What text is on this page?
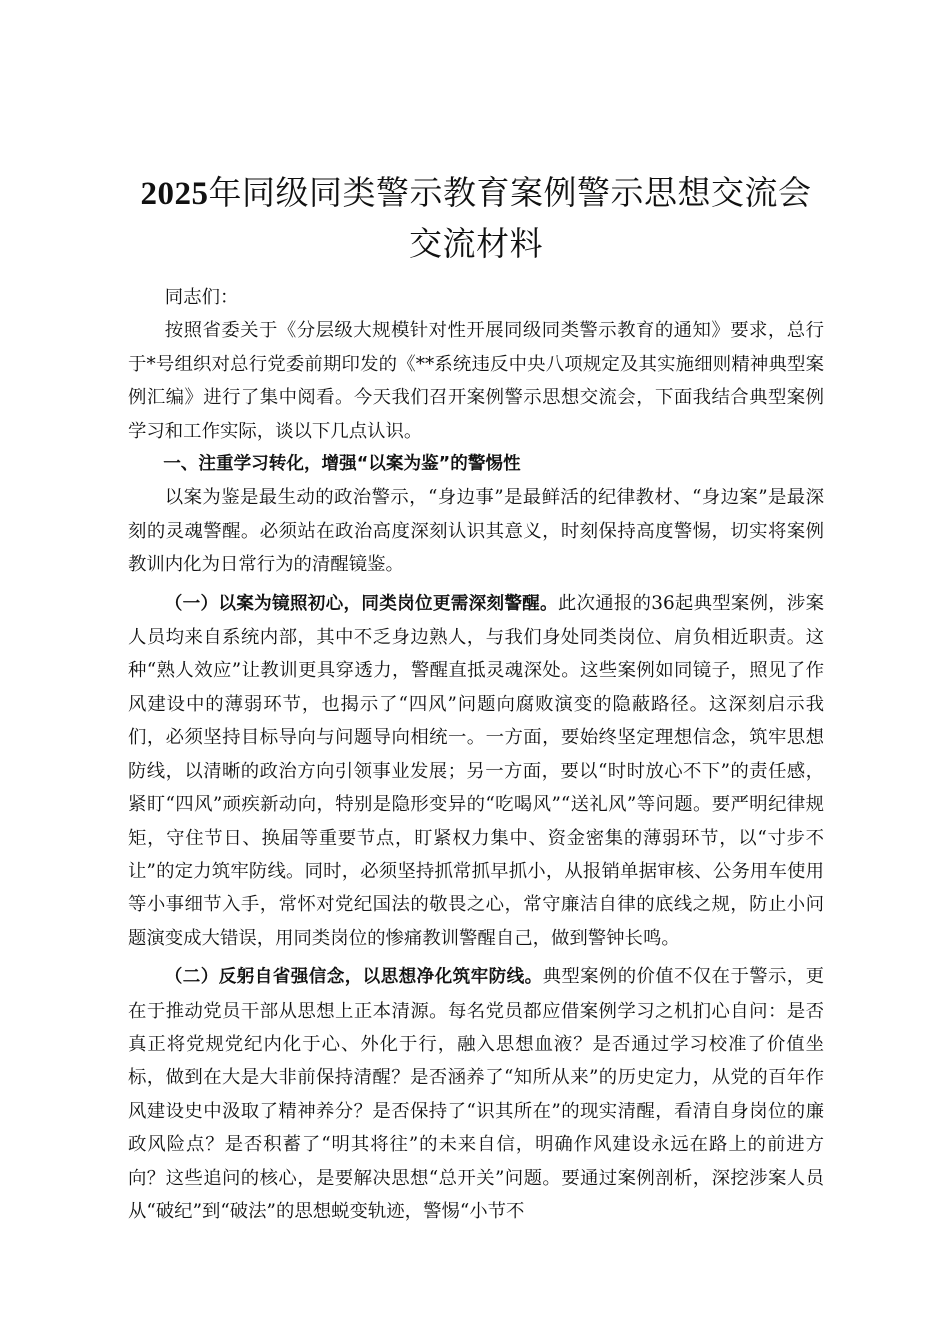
2025年同级同类警示教育案例警示思想交流会交流材料

同志们：

按照省委关于《分层级大规模针对性开展同级同类警示教育的通知》要求，总行于*号组织对总行党委前期印发的《**系统违反中央八项规定及其实施细则精神典型案例汇编》进行了集中阅看。今天我们召开案例警示思想交流会，下面我结合典型案例学习和工作实际，谈以下几点认识。

一、注重学习转化，增强“以案为鉴”的警惕性

以案为鉴是最生动的政治警示，“身边事”是最鲜活的纪律教材、“身边案”是最深刻的灵魂警醒。必须站在政治高度深刻认识其意义，时刻保持高度警惕，切实将案例教训内化为日常行为的清醒镜鉴。

（一）以案为镜照初心，同类岗位更需深刻警醒。此次通报的36起典型案例，涉案人员均来自系统内部，其中不乏身边熟人，与我们身处同类岗位、肩负相近职责。这种“熟人效应”让教训更具穿透力，警醒直抵灵魂深处。这些案例如同镜子，照见了作风建设中的薄弱环节，也揭示了“四风”问题向腐败演变的隐蔽路径。这深刻启示我们，必须坚持目标导向与问题导向相统一。一方面，要始终坚定理想信念，筑牢思想防线，以清晰的政治方向引领事业发展；另一方面，要以“时时放心不下”的责任感，紧盯“四风”顽疾新动向，特别是隐形变异的“吃喝风”“送礼风”等问题。要严明纪律规矩，守住节日、换届等重要节点，盯紧权力集中、资金密集的薄弱环节，以“寸步不让”的定力筑牢防线。同时，必须坚持抓常抓早抓小，从报销单据审核、公务用车使用等小事细节入手，常怀对党纪国法的敬畏之心，常守廉洁自律的底线之规，防止小问题演变成大错误，用同类岗位的惨痛教训警醒自己，做到警钟长鸣。

（二）反躬自省强信念，以思想净化筑牢防线。典型案例的价值不仅在于警示，更在于推动党员干部从思想上正本清源。每名党员都应借案例学习之机扪心自问：是否真正将党规党纪内化于心、外化于行，融入思想血液？是否通过学习校准了价值坐标，做到在大是大非前保持清醒？是否涵养了“知所从来”的历史定力，从党的百年作风建设史中汲取了精神养分？是否保持了“识其所在”的现实清醒，看清自身岗位的廉政风险点？是否积蓄了“明其将往”的未来自信，明确作风建设永远在路上的前进方向？这些追问的核心，是要解决思想“总开关”问题。要通过案例剖析，深挖涉案人员从“破纪”到“破法”的思想蜕变轨迹，警惕“小节不
